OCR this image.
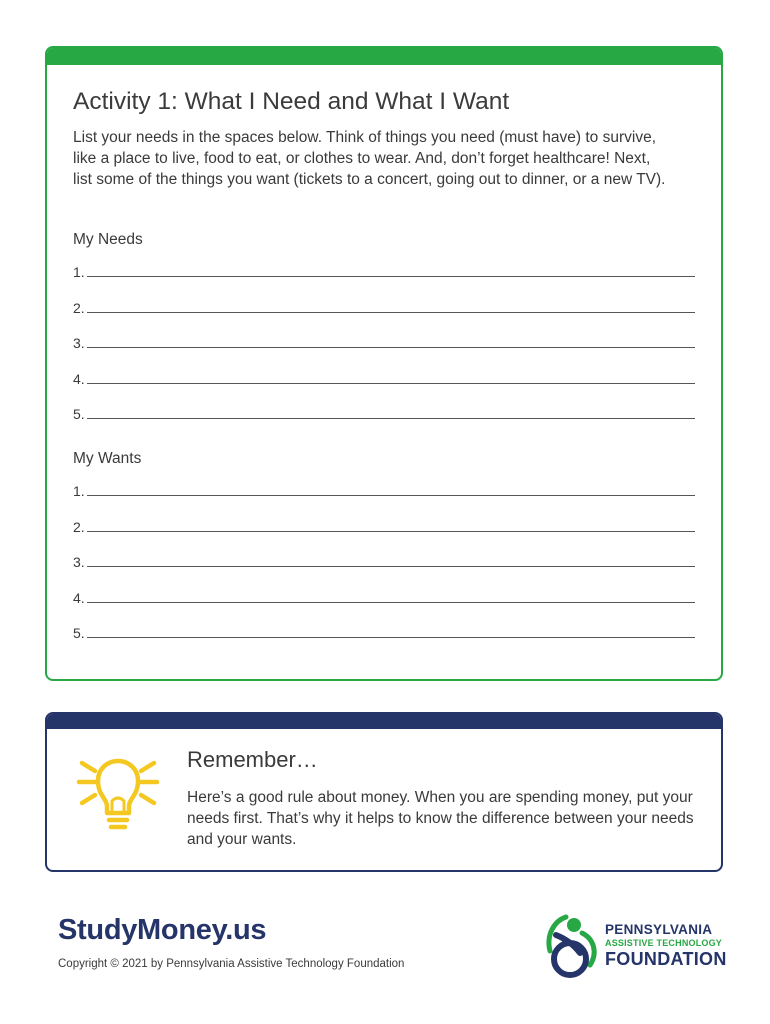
Activity 1: What I Need and What I Want
List your needs in the spaces below. Think of things you need (must have) to survive, like a place to live, food to eat, or clothes to wear. And, don’t forget healthcare! Next, list some of the things you want (tickets to a concert, going out to dinner, or a new TV).
My Needs
1.
2.
3.
4.
5.
My Wants
1.
2.
3.
4.
5.
Remember…
Here’s a good rule about money. When you are spending money, put your needs first. That’s why it helps to know the difference between your needs and your wants.
StudyMoney.us
Copyright © 2021 by Pennsylvania Assistive Technology Foundation
PENNSYLVANIA
ASSISTIVE TECHNOLOGY
FOUNDATION
